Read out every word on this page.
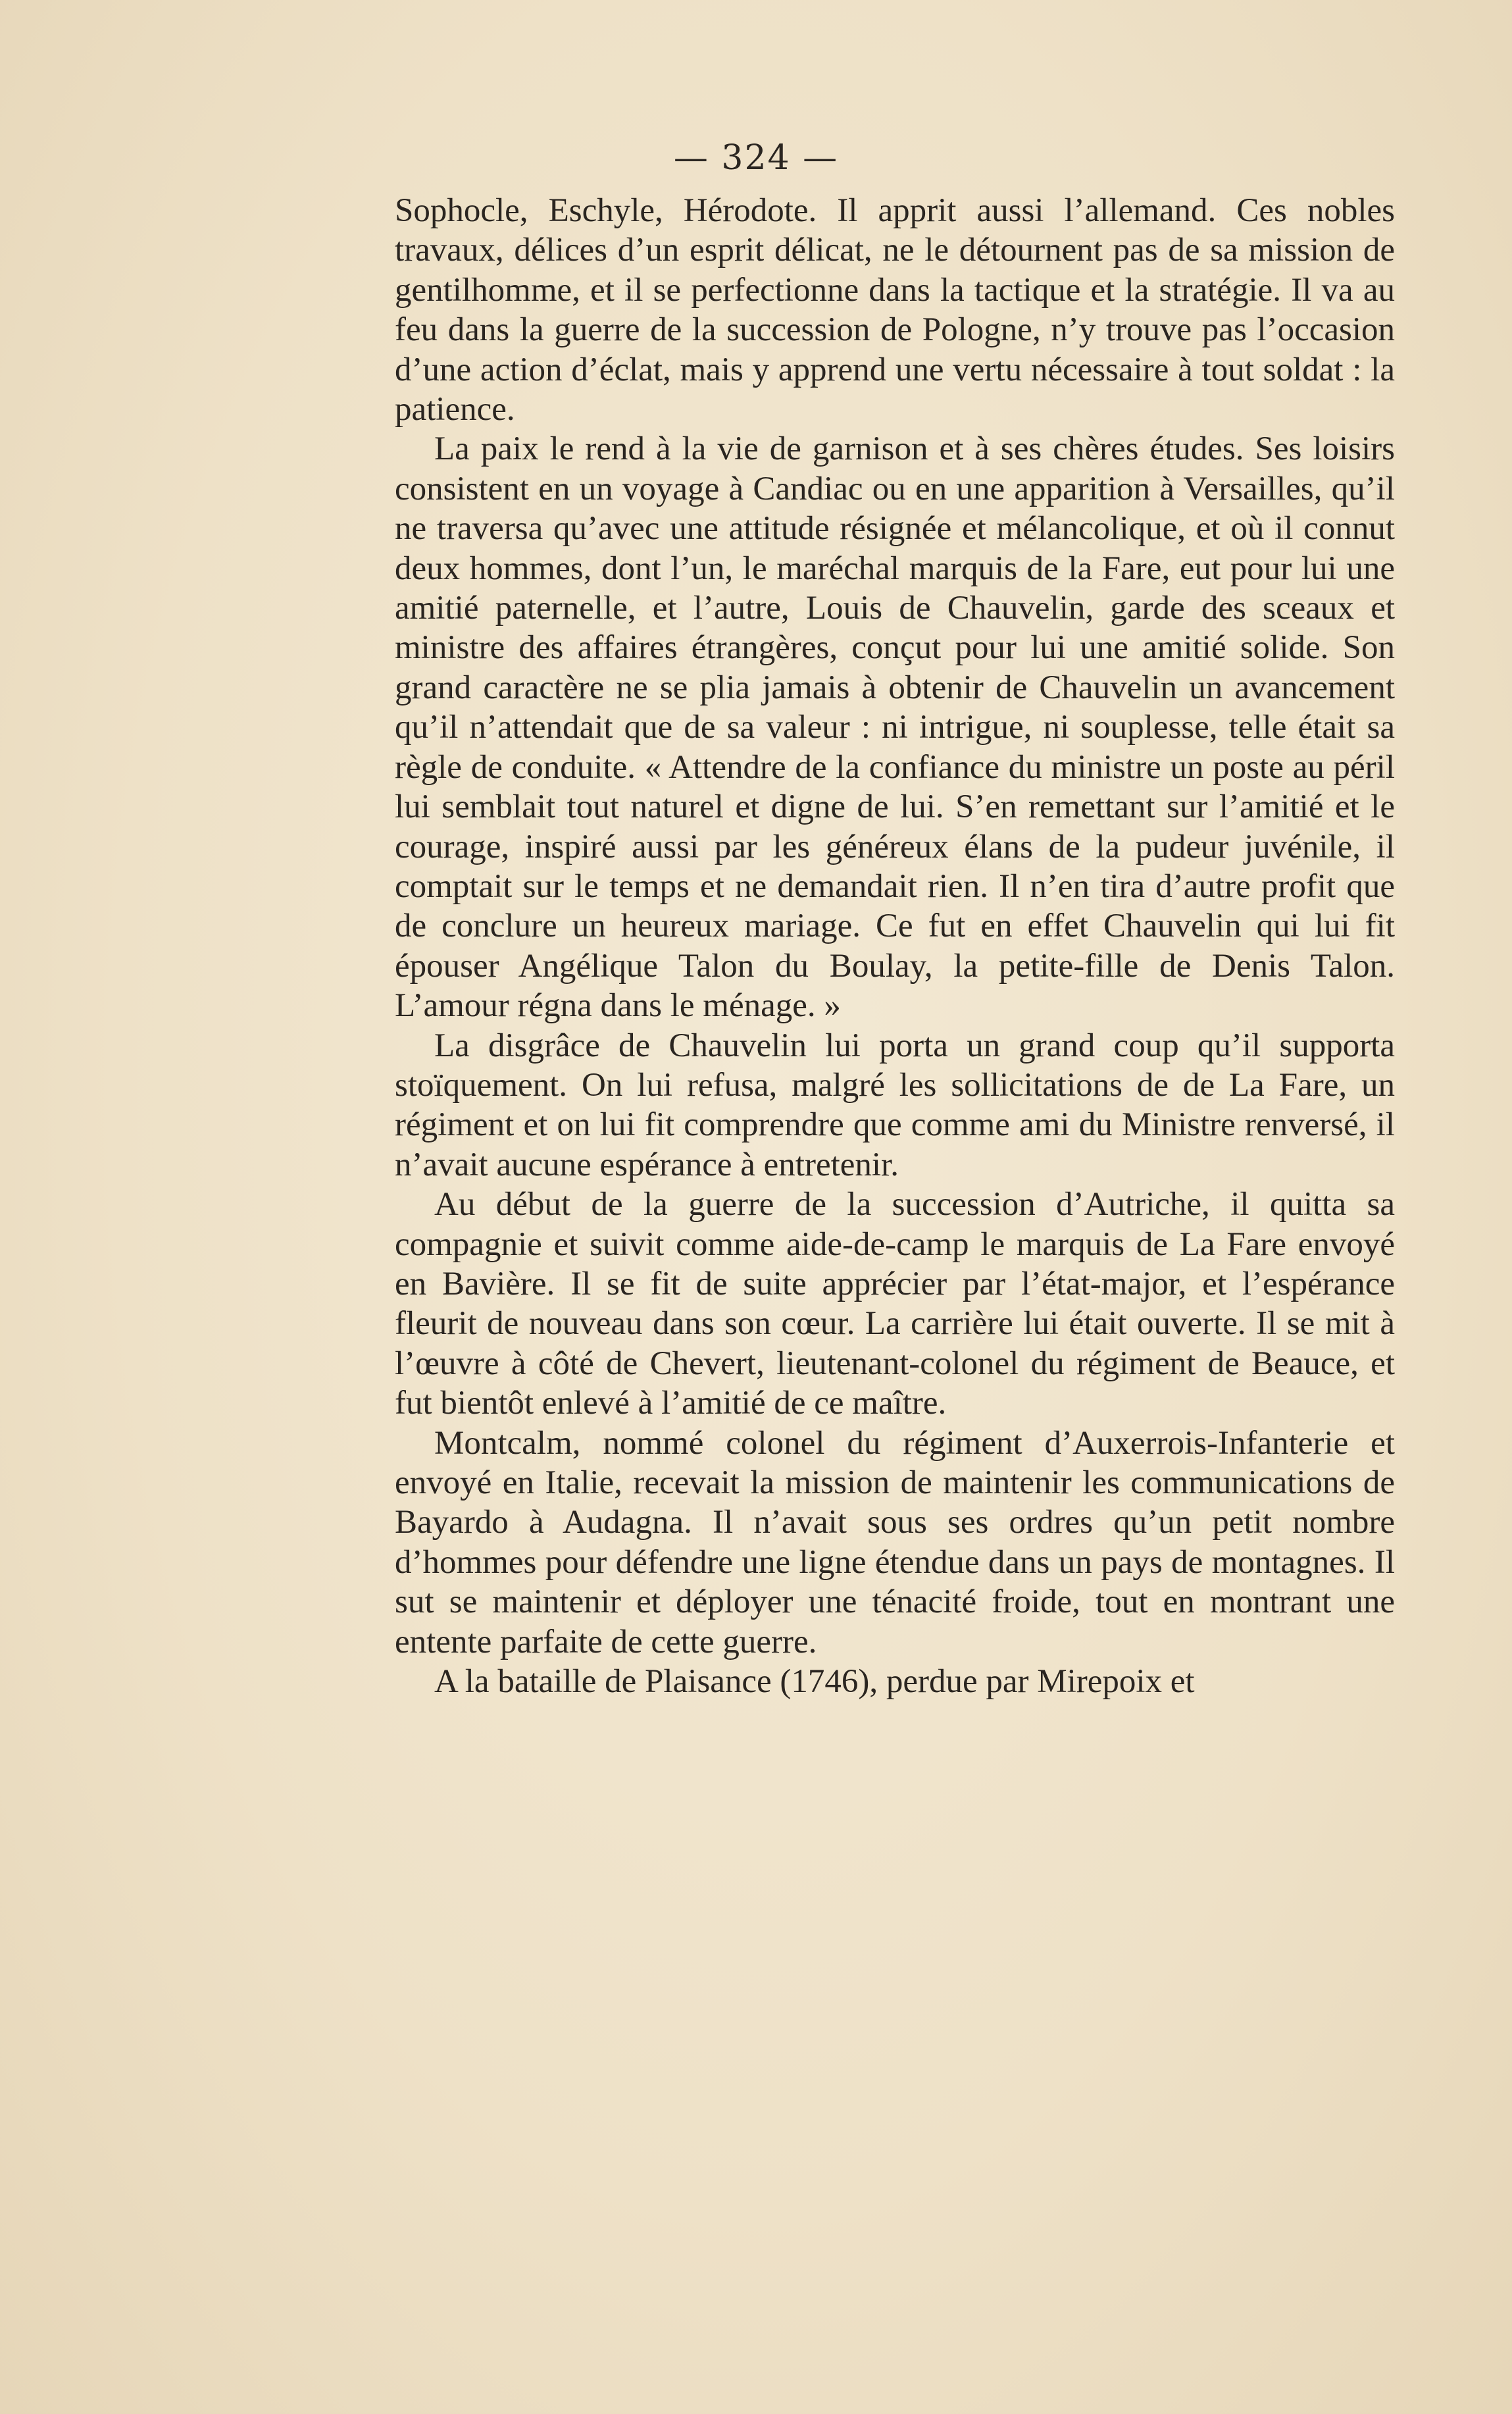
— 324 —

Sophocle, Eschyle, Hérodote. Il apprit aussi l’allemand. Ces nobles travaux, délices d’un esprit délicat, ne le détournent pas de sa mission de gentilhomme, et il se perfectionne dans la tactique et la stratégie. Il va au feu dans la guerre de la succession de Pologne, n’y trouve pas l’occasion d’une action d’éclat, mais y apprend une vertu nécessaire à tout soldat : la patience.

La paix le rend à la vie de garnison et à ses chères études. Ses loisirs consistent en un voyage à Candiac ou en une apparition à Versailles, qu’il ne traversa qu’avec une attitude résignée et mélancolique, et où il connut deux hommes, dont l’un, le maréchal marquis de la Fare, eut pour lui une amitié paternelle, et l’autre, Louis de Chauvelin, garde des sceaux et ministre des affaires étrangères, conçut pour lui une amitié solide. Son grand caractère ne se plia jamais à obtenir de Chauvelin un avancement qu’il n’attendait que de sa valeur : ni intrigue, ni souplesse, telle était sa règle de conduite. « Attendre de la confiance du ministre un poste au péril lui semblait tout naturel et digne de lui. S’en remettant sur l’amitié et le courage, inspiré aussi par les généreux élans de la pudeur juvénile, il comptait sur le temps et ne demandait rien. Il n’en tira d’autre profit que de conclure un heureux mariage. Ce fut en effet Chauvelin qui lui fit épouser Angélique Talon du Boulay, la petite-fille de Denis Talon. L’amour régna dans le ménage. »

La disgrâce de Chauvelin lui porta un grand coup qu’il supporta stoïquement. On lui refusa, malgré les sollicitations de de La Fare, un régiment et on lui fit comprendre que comme ami du Ministre renversé, il n’avait aucune espérance à entretenir.

Au début de la guerre de la succession d’Autriche, il quitta sa compagnie et suivit comme aide-de-camp le marquis de La Fare envoyé en Bavière. Il se fit de suite apprécier par l’état-major, et l’espérance fleurit de nouveau dans son cœur. La carrière lui était ouverte. Il se mit à l’œuvre à côté de Chevert, lieutenant-colonel du régiment de Beauce, et fut bientôt enlevé à l’amitié de ce maître.

Montcalm, nommé colonel du régiment d’Auxerrois-Infanterie et envoyé en Italie, recevait la mission de maintenir les communications de Bayardo à Audagna. Il n’avait sous ses ordres qu’un petit nombre d’hommes pour défendre une ligne étendue dans un pays de montagnes. Il sut se maintenir et déployer une ténacité froide, tout en montrant une entente parfaite de cette guerre.

A la bataille de Plaisance (1746), perdue par Mirepoix et
